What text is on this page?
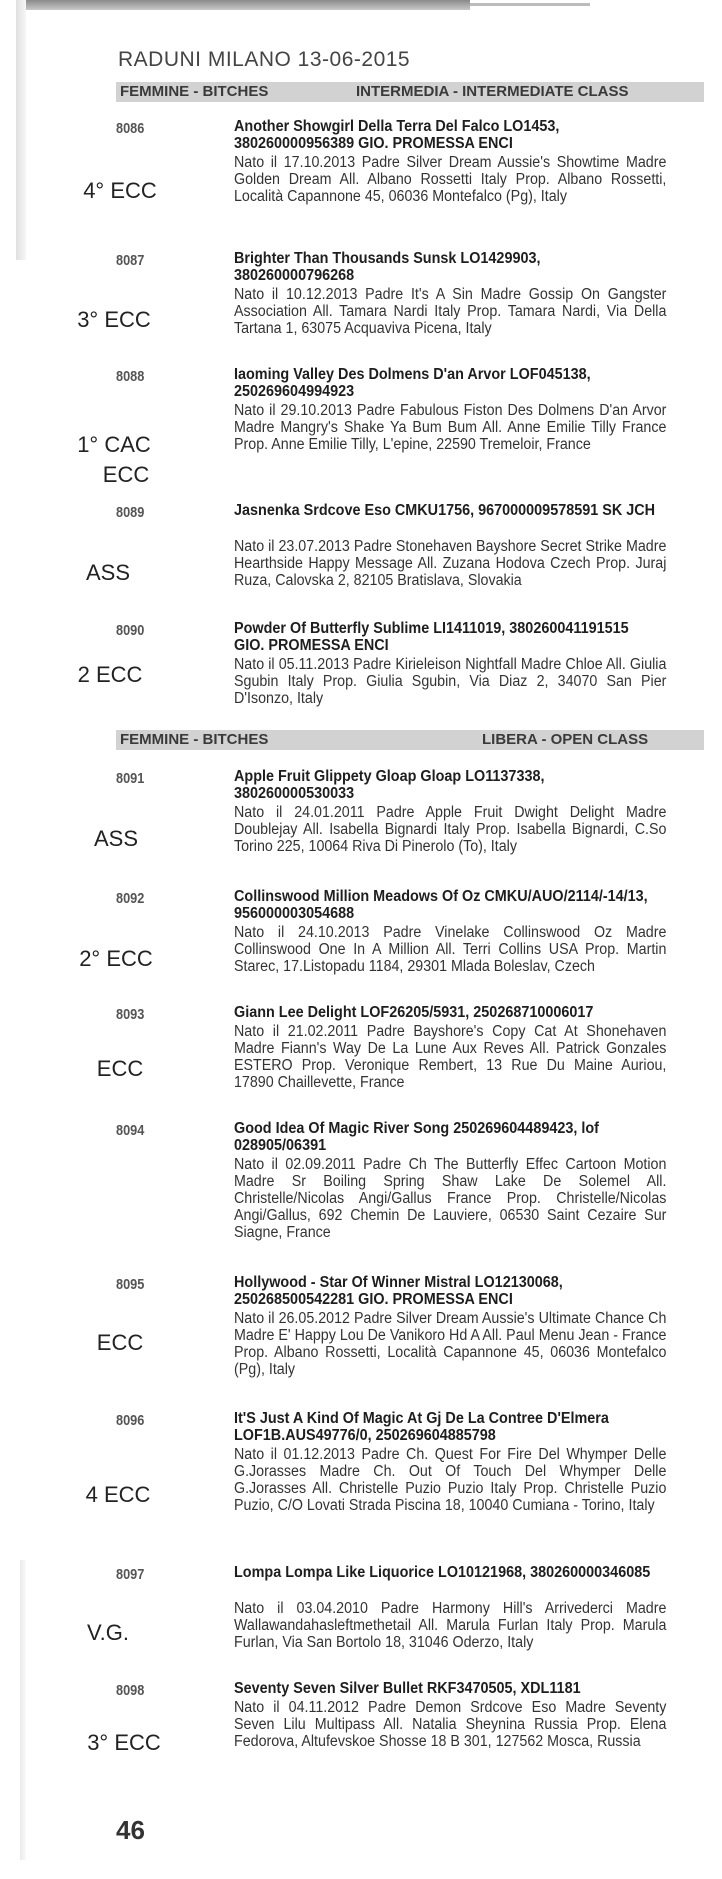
RADUNI MILANO 13-06-2015
FEMMINE - BITCHES	INTERMEDIA - INTERMEDIATE CLASS
8086	Another Showgirl Della Terra Del Falco LO1453, 380260000956389 GIO. PROMESSA ENCI
Nato il 17.10.2013 Padre Silver Dream Aussie's Showtime Madre Golden Dream All. Albano Rossetti Italy Prop. Albano Rossetti, Località Capannone 45, 06036 Montefalco (Pg), Italy
4° ECC
8087	Brighter Than Thousands Sunsk LO1429903, 380260000796268
Nato il 10.12.2013 Padre It's A Sin Madre Gossip On Gangster Association All. Tamara Nardi Italy Prop. Tamara Nardi, Via Della Tartana 1, 63075 Acquaviva Picena, Italy
3° ECC
8088	Iaoming Valley Des Dolmens D'an Arvor LOF045138, 250269604994923
Nato il 29.10.2013 Padre Fabulous Fiston Des Dolmens D'an Arvor Madre Mangry's Shake Ya Bum Bum All. Anne Emilie Tilly France Prop. Anne Emilie Tilly, L'epine, 22590 Tremeloir, France
1° CAC
ECC
8089	Jasnenka Srdcove Eso CMKU1756, 967000009578591 SK JCH
Nato il 23.07.2013 Padre Stonehaven Bayshore Secret Strike Madre Hearthside Happy Message All. Zuzana Hodova Czech Prop. Juraj Ruza, Calovska 2, 82105 Bratislava, Slovakia
ASS
8090	Powder Of Butterfly Sublime LI1411019, 380260041191515 GIO. PROMESSA ENCI
Nato il 05.11.2013 Padre Kirieleison Nightfall Madre Chloe All. Giulia Sgubin Italy Prop. Giulia Sgubin, Via Diaz 2, 34070 San Pier D'Isonzo, Italy
2 ECC
FEMMINE - BITCHES	LIBERA - OPEN CLASS
8091	Apple Fruit Glippety Gloap Gloap LO1137338, 380260000530033
Nato il 24.01.2011 Padre Apple Fruit Dwight Delight Madre Doublejay All. Isabella Bignardi Italy Prop. Isabella Bignardi, C.So Torino 225, 10064 Riva Di Pinerolo (To), Italy
ASS
8092	Collinswood Million Meadows Of Oz CMKU/AUO/2114/-14/13, 956000003054688
Nato il 24.10.2013 Padre Vinelake Collinswood Oz Madre Collinswood One In A Million All. Terri Collins USA Prop. Martin Starec, 17.Listopadu 1184, 29301 Mlada Boleslav, Czech
2° ECC
8093	Giann Lee Delight LOF26205/5931, 250268710006017
Nato il 21.02.2011 Padre Bayshore's Copy Cat At Shonehaven Madre Fiann's Way De La Lune Aux Reves All. Patrick Gonzales ESTERO Prop. Veronique Rembert, 13 Rue Du Maine Auriou, 17890 Chaillevette, France
ECC
8094	Good Idea Of Magic River Song 250269604489423, lof 028905/06391
Nato il 02.09.2011 Padre Ch The Butterfly Effec Cartoon Motion Madre Sr Boiling Spring Shaw Lake De Solemel All. Christelle/Nicolas Angi/Gallus France Prop. Christelle/Nicolas Angi/Gallus, 692 Chemin De Lauviere, 06530 Saint Cezaire Sur Siagne, France
8095	Hollywood - Star Of Winner Mistral LO12130068, 250268500542281 GIO. PROMESSA ENCI
Nato il 26.05.2012 Padre Silver Dream Aussie's Ultimate Chance Ch Madre E' Happy Lou De Vanikoro Hd A All. Paul Menu Jean - France Prop. Albano Rossetti, Località Capannone 45, 06036 Montefalco (Pg), Italy
ECC
8096	It'S Just A Kind Of Magic At Gj De La Contree D'Elmera LOF1B.AUS49776/0, 250269604885798
Nato il 01.12.2013 Padre Ch. Quest For Fire Del Whymper Delle G.Jorasses Madre Ch. Out Of Touch Del Whymper Delle G.Jorasses All. Christelle Puzio Puzio Italy Prop. Christelle Puzio Puzio, C/O Lovati Strada Piscina 18, 10040 Cumiana - Torino, Italy
4 ECC
8097	Lompa Lompa Like Liquorice LO10121968, 380260000346085
Nato il 03.04.2010 Padre Harmony Hill's Arrivederci Madre Wallawandahasleftmethetail All. Marula Furlan Italy Prop. Marula Furlan, Via San Bortolo 18, 31046 Oderzo, Italy
V.G.
8098	Seventy Seven Silver Bullet RKF3470505, XDL1181
Nato il 04.11.2012 Padre Demon Srdcove Eso Madre Seventy Seven Lilu Multipass All. Natalia Sheynina Russia Prop. Elena Fedorova, Altufevskoe Shosse 18 B 301, 127562 Mosca, Russia
3° ECC
46
